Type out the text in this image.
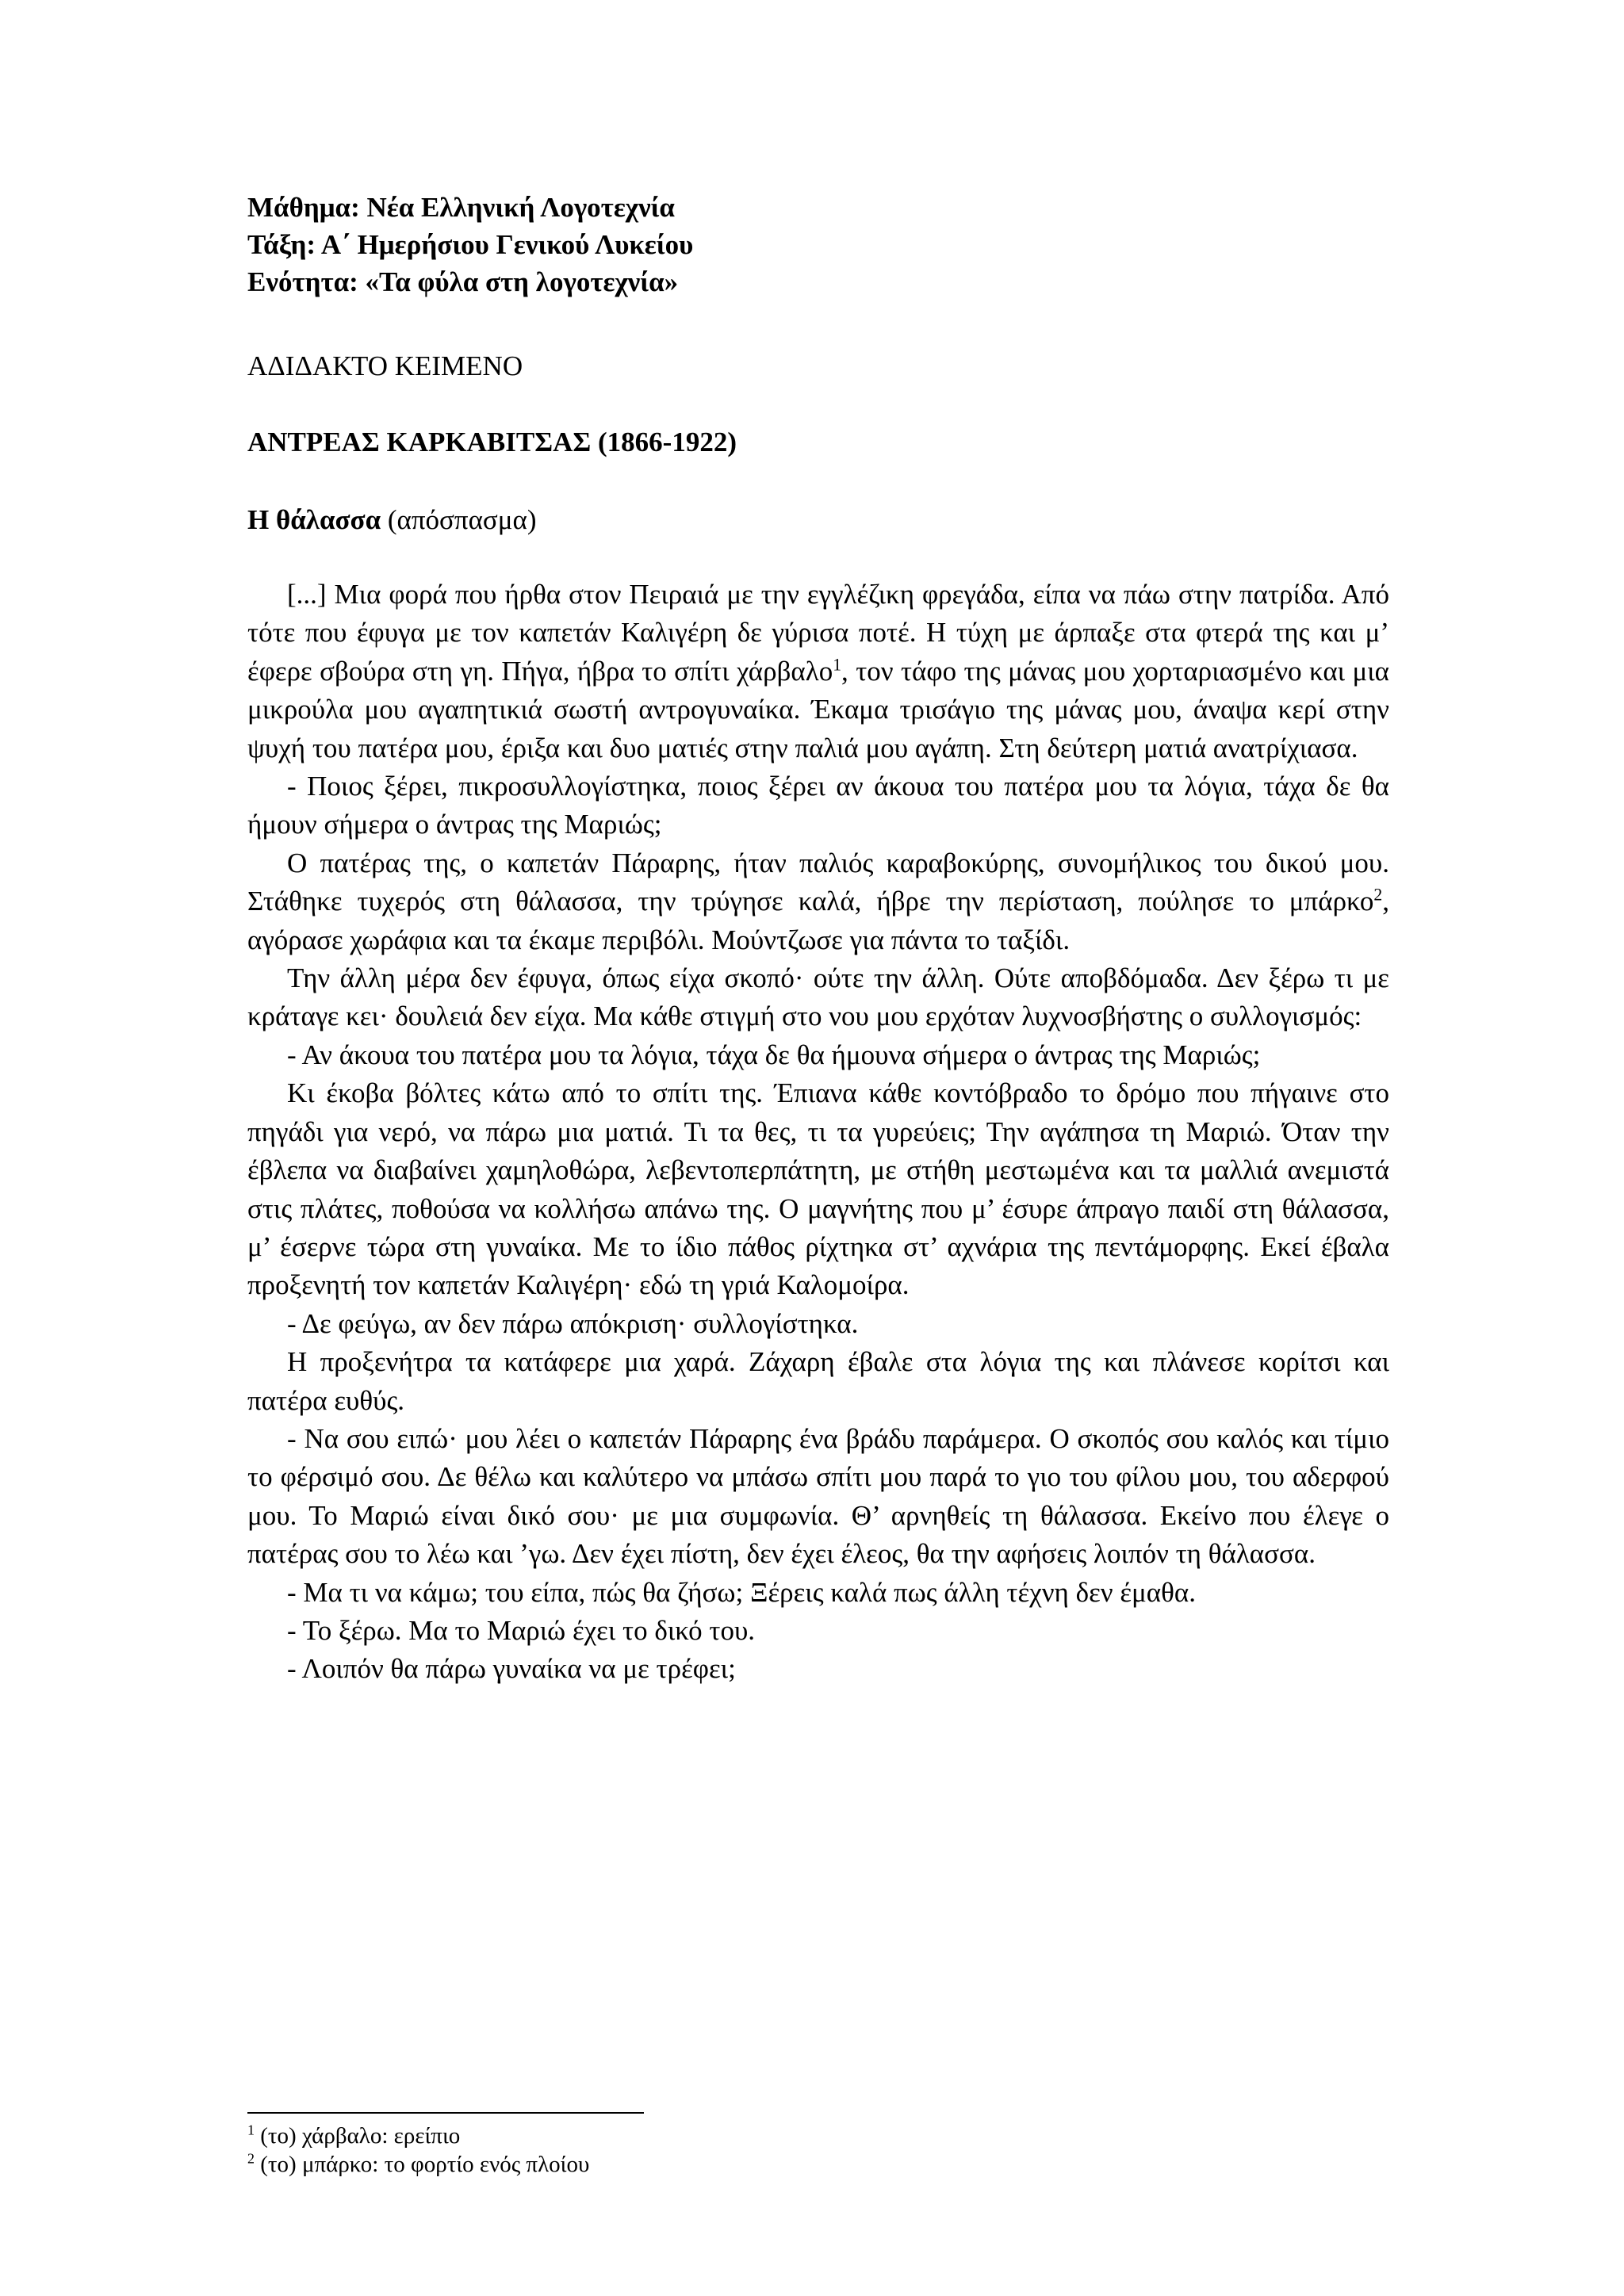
Μάθημα: Νέα Ελληνική Λογοτεχνία
Τάξη: Α΄ Ημερήσιου Γενικού Λυκείου
Ενότητα: «Τα φύλα στη λογοτεχνία»
ΑΔΙΔΑΚΤΟ ΚΕΙΜΕΝΟ
ΑΝΤΡΕΑΣ ΚΑΡΚΑΒΙΤΣΑΣ (1866-1922)
Η θάλασσα (απόσπασμα)

[...] Μια φορά που ήρθα στον Πειραιά με την εγγλέζικη φρεγάδα, είπα να πάω στην πατρίδα. Από τότε που έφυγα με τον καπετάν Καλιγέρη δε γύρισα ποτέ. Η τύχη με άρπαξε στα φτερά της και μ’ έφερε σβούρα στη γη. Πήγα, ήβρα το σπίτι χάρβαλο$^1$, τον τάφο της μάνας μου χορταριασμένο και μια μικρούλα μου αγαπητικιά σωστή αντρογυναίκα. Έκαμα τρισάγιο της μάνας μου, άναψα κερί στην ψυχή του πατέρα μου, έριξα και δυο ματιές στην παλιά μου αγάπη. Στη δεύτερη ματιά ανατρίχιασα.

- Ποιος ξέρει, πικροσυλλογίστηκα, ποιος ξέρει αν άκουα του πατέρα μου τα λόγια, τάχα δε θα ήμουν σήμερα ο άντρας της Μαριώς;

Ο πατέρας της, ο καπετάν Πάραρης, ήταν παλιός καραβοκύρης, συνομήλικος του δικού μου. Στάθηκε τυχερός στη θάλασσα, την τρύγησε καλά, ήβρε την περίσταση, πούλησε το μπάρκο$^2$, αγόρασε χωράφια και τα έκαμε περιβόλι. Μούντζωσε για πάντα το ταξίδι.

Την άλλη μέρα δεν έφυγα, όπως είχα σκοπό· ούτε την άλλη. Ούτε αποβδόμαδα. Δεν ξέρω τι με κράταγε κει· δουλειά δεν είχα. Μα κάθε στιγμή στο νου μου ερχόταν λυχνοσβήστης ο συλλογισμός:

- Αν άκουα του πατέρα μου τα λόγια, τάχα δε θα ήμουνα σήμερα ο άντρας της Μαριώς;

Κι έκοβα βόλτες κάτω από το σπίτι της. Έπιανα κάθε κοντόβραδο το δρόμο που πήγαινε στο πηγάδι για νερό, να πάρω μια ματιά. Τι τα θες, τι τα γυρεύεις; Την αγάπησα τη Μαριώ. Όταν την έβλεπα να διαβαίνει χαμηλοθώρα, λεβεντοπερπάτητη, με στήθη μεστωμένα και τα μαλλιά ανεμιστά στις πλάτες, ποθούσα να κολλήσω απάνω της. Ο μαγνήτης που μ’ έσυρε άπραγο παιδί στη θάλασσα, μ’ έσερνε τώρα στη γυναίκα. Με το ίδιο πάθος ρίχτηκα στ’ αχνάρια της πεντάμορφης. Εκεί έβαλα προξενητή τον καπετάν Καλιγέρη· εδώ τη γριά Καλομοίρα.

- Δε φεύγω, αν δεν πάρω απόκριση· συλλογίστηκα.

Η προξενήτρα τα κατάφερε μια χαρά. Ζάχαρη έβαλε στα λόγια της και πλάνεσε κορίτσι και πατέρα ευθύς.

- Να σου ειπώ· μου λέει ο καπετάν Πάραρης ένα βράδυ παράμερα. Ο σκοπός σου καλός και τίμιο το φέρσιμό σου. Δε θέλω και καλύτερο να μπάσω σπίτι μου παρά το γιο του φίλου μου, του αδερφού μου. Το Μαριώ είναι δικό σου· με μια συμφωνία. Θ’ αρνηθείς τη θάλασσα. Εκείνο που έλεγε ο πατέρας σου το λέω και ’γω. Δεν έχει πίστη, δεν έχει έλεος, θα την αφήσεις λοιπόν τη θάλασσα.

- Μα τι να κάμω; του είπα, πώς θα ζήσω; Ξέρεις καλά πως άλλη τέχνη δεν έμαθα.

- Το ξέρω. Μα το Μαριώ έχει το δικό του.

- Λοιπόν θα πάρω γυναίκα να με τρέφει;

$^1$ (το) χάρβαλο: ερείπιο
$^2$ (το) μπάρκο: το φορτίο ενός πλοίου
